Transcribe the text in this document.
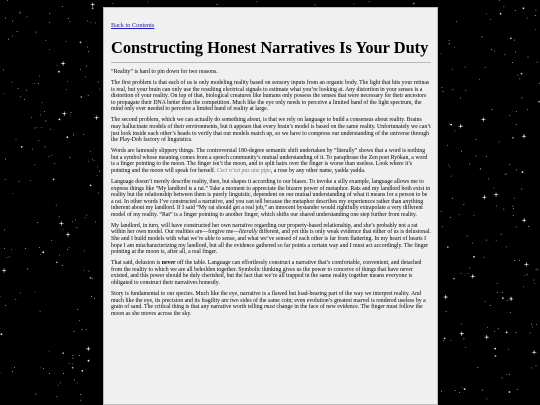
Back to Contents
Constructing Honest Narratives Is Your Duty

“Reality” is hard to pin down for two reasons.

The first problem is that each of us is only modeling reality based on sensory inputs from an organic body. The light that hits your retinas is real, but your brain can only use the resulting electrical signals to estimate what you’re looking at. Any distortion in your senses is a distortion of your reality. On top of that, biological creatures like humans only possess the senses that were necessary for their ancestors to propagate their DNA better than the competition. Much like the eye only needs to perceive a limited band of the light spectrum, the mind only ever needed to perceive a limited band of reality at large.

The second problem, which we can actually do something about, is that we rely on language to build a consensus about reality. Brains may hallucinate models of their environments, but it appears that every brain’s model is based on the same reality. Unfortunately we can’t just look inside each other’s heads to verify that our models match up, so we have to compress our understanding of the universe through the Play-Doh factory of linguistics.

Words are famously slippery things. The controversial 180-degree semantic shift undertaken by “literally” shows that a word is nothing but a symbol whose meaning comes from a speech community’s mutual understanding of it. To paraphrase the Zen poet Ryōkan, a word is a finger pointing to the moon. The finger isn’t the moon, and to split hairs over the finger is worse than useless. Look where it’s pointing and the moon will speak for herself. Ceci n’est pas une pipe, a rose by any other name, yadda yadda.

Language doesn’t merely describe reality, then, but shapes it according to our biases. To invoke a silly example, language allows me to express things like “My landlord is a rat.” Take a moment to appreciate the bizarre power of metaphor. Rats and my landlord both exist in reality but the relationship between them is purely linguistic, dependent on our mutual understanding of what it means for a person to be a rat. In other words I’ve constructed a narrative, and you can tell because the metaphor describes my experiences rather than anything inherent about my landlord. If I said “My rat should get a real job,” an innocent bystander would rightfully extrapolate a very different model of my reality. “Rat” is a finger pointing to another finger, which shifts our shared understanding one step further from reality.

My landlord, in turn, will have constructed her own narrative regarding our property-based relationship, and she’s probably not a rat within her own model. Our realities are—forgive me—literally different, and yet this is only weak evidence that either of us is delusional. She and I build models with what we’re able to sense, and what we’ve sensed of each other is far from flattering. In my heart of hearts I hope I am mischaracterizing my landlord, but all the evidence gathered so far points a certain way and I must act accordingly. The finger pointing at the moon is, after all, a real finger.

That said, delusion is never off the table. Language can effortlessly construct a narrative that’s comfortable, convenient, and detached from the reality to which we are all beholden together. Symbolic thinking gives us the power to conceive of things that have never existed, and this power should be duly cherished, but the fact that we’re all trapped in the same reality together means everyone is obligated to construct their narratives honestly.

Story is fundamental to our species. Much like the eye, narrative is a flawed but load-bearing part of the way we interpret reality. And much like the eye, its precision and its fragility are two sides of the same coin; even evolution’s greatest marvel is rendered useless by a grain of sand. The critical thing is that any narrative worth telling must change in the face of new evidence. The finger must follow the moon as she moves across the sky.
